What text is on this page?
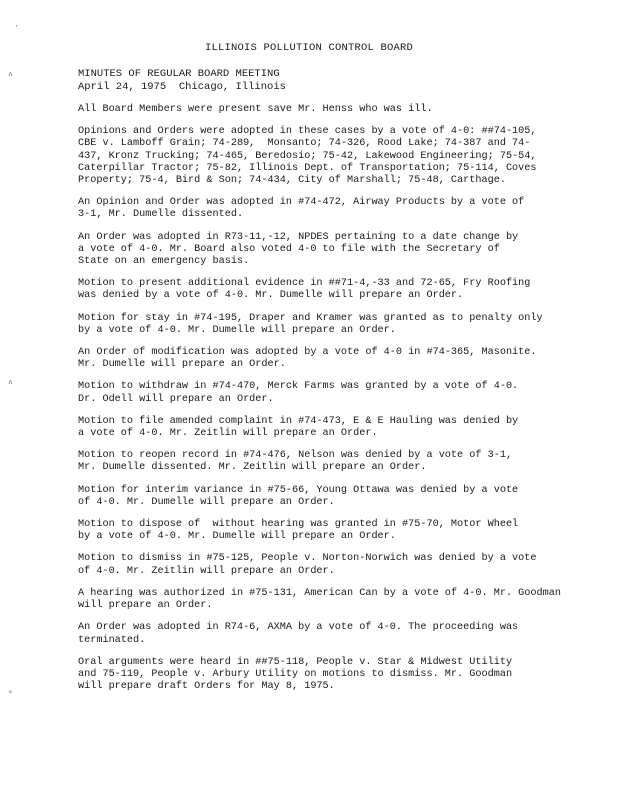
·
^
^
°
ILLINOIS POLLUTION CONTROL BOARD
MINUTES OF REGULAR BOARD MEETING
April 24, 1975  Chicago, Illinois
All Board Members were present save Mr. Henss who was ill.
Opinions and Orders were adopted in these cases by a vote of 4-0: ##74-105,
CBE v. Lamboff Grain; 74-289,  Monsanto; 74-326, Rood Lake; 74-387 and 74-
437, Kronz Trucking; 74-465, Beredosio; 75-42, Lakewood Engineering; 75-54,
Caterpillar Tractor; 75-82, Illinois Dept. of Transportation; 75-114, Coves
Property; 75-4, Bird & Son; 74-434, City of Marshall; 75-48, Carthage.
An Opinion and Order was adopted in #74-472, Airway Products by a vote of
3-1, Mr. Dumelle dissented.
An Order was adopted in R73-11,-12, NPDES pertaining to a date change by
a vote of 4-0. Mr. Board also voted 4-0 to file with the Secretary of
State on an emergency basis.
Motion to present additional evidence in ##71-4,-33 and 72-65, Fry Roofing
was denied by a vote of 4-0. Mr. Dumelle will prepare an Order.
Motion for stay in #74-195, Draper and Kramer was granted as to penalty only
by a vote of 4-0. Mr. Dumelle will prepare an Order.
An Order of modification was adopted by a vote of 4-0 in #74-365, Masonite.
Mr. Dumelle will prepare an Order.
Motion to withdraw in #74-470, Merck Farms was granted by a vote of 4-0.
Dr. Odell will prepare an Order.
Motion to file amended complaint in #74-473, E & E Hauling was denied by
a vote of 4-0. Mr. Zeitlin will prepare an Order.
Motion to reopen record in #74-476, Nelson was denied by a vote of 3-1,
Mr. Dumelle dissented. Mr. Zeitlin will prepare an Order.
Motion for interim variance in #75-66, Young Ottawa was denied by a vote
of 4-0. Mr. Dumelle will prepare an Order.
Motion to dispose of  without hearing was granted in #75-70, Motor Wheel
by a vote of 4-0. Mr. Dumelle will prepare an Order.
Motion to dismiss in #75-125, People v. Norton-Norwich was denied by a vote
of 4-0. Mr. Zeitlin will prepare an Order.
A hearing was authorized in #75-131, American Can by a vote of 4-0. Mr. Goodman
will prepare an Order.
An Order was adopted in R74-6, AXMA by a vote of 4-0. The proceeding was
terminated.
Oral arguments were heard in ##75-118, People v. Star & Midwest Utility
and 75-119, People v. Arbury Utility on motions to dismiss. Mr. Goodman
will prepare draft Orders for May 8, 1975.
